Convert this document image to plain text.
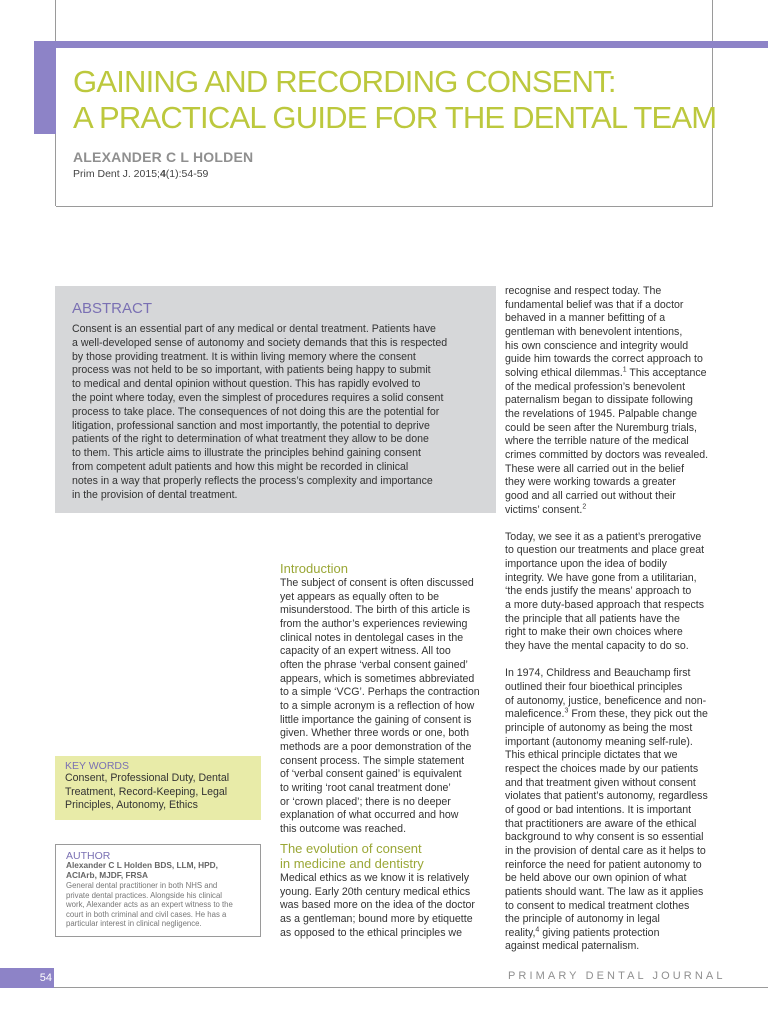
GAINING AND RECORDING CONSENT:
A PRACTICAL GUIDE FOR THE DENTAL TEAM
ALEXANDER C L HOLDEN
Prim Dent J. 2015;4(1):54-59
ABSTRACT
Consent is an essential part of any medical or dental treatment. Patients have
a well-developed sense of autonomy and society demands that this is respected
by those providing treatment. It is within living memory where the consent
process was not held to be so important, with patients being happy to submit
to medical and dental opinion without question. This has rapidly evolved to
the point where today, even the simplest of procedures requires a solid consent
process to take place. The consequences of not doing this are the potential for
litigation, professional sanction and most importantly, the potential to deprive
patients of the right to determination of what treatment they allow to be done
to them. This article aims to illustrate the principles behind gaining consent
from competent adult patients and how this might be recorded in clinical
notes in a way that properly reflects the process’s complexity and importance
in the provision of dental treatment.
KEY WORDS
Consent, Professional Duty, Dental
Treatment, Record-Keeping, Legal
Principles, Autonomy, Ethics
AUTHOR
Alexander C L Holden BDS, LLM, HPD,
ACIArb, MJDF, FRSA
General dental practitioner in both NHS and
private dental practices. Alongside his clinical
work, Alexander acts as an expert witness to the
court in both criminal and civil cases. He has a
particular interest in clinical negligence.
Introduction
The subject of consent is often discussed
yet appears as equally often to be
misunderstood. The birth of this article is
from the author’s experiences reviewing
clinical notes in dentolegal cases in the
capacity of an expert witness. All too
often the phrase ‘verbal consent gained’
appears, which is sometimes abbreviated
to a simple ‘VCG’. Perhaps the contraction
to a simple acronym is a reflection of how
little importance the gaining of consent is
given. Whether three words or one, both
methods are a poor demonstration of the
consent process. The simple statement
of ‘verbal consent gained’ is equivalent
to writing ‘root canal treatment done’
or ‘crown placed’; there is no deeper
explanation of what occurred and how
this outcome was reached.
The evolution of consent
in medicine and dentistry
Medical ethics as we know it is relatively
young. Early 20th century medical ethics
was based more on the idea of the doctor
as a gentleman; bound more by etiquette
as opposed to the ethical principles we
recognise and respect today. The
fundamental belief was that if a doctor
behaved in a manner befitting of a
gentleman with benevolent intentions,
his own conscience and integrity would
guide him towards the correct approach to
solving ethical dilemmas.$^1$ This acceptance
of the medical profession’s benevolent
paternalism began to dissipate following
the revelations of 1945. Palpable change
could be seen after the Nuremburg trials,
where the terrible nature of the medical
crimes committed by doctors was revealed.
These were all carried out in the belief
they were working towards a greater
good and all carried out without their
victims’ consent.$^2$
Today, we see it as a patient’s prerogative
to question our treatments and place great
importance upon the idea of bodily
integrity. We have gone from a utilitarian,
‘the ends justify the means’ approach to
a more duty-based approach that respects
the principle that all patients have the
right to make their own choices where
they have the mental capacity to do so.
In 1974, Childress and Beauchamp first
outlined their four bioethical principles
of autonomy, justice, beneficence and non-
maleficence.$^3$ From these, they pick out the
principle of autonomy as being the most
important (autonomy meaning self-rule).
This ethical principle dictates that we
respect the choices made by our patients
and that treatment given without consent
violates that patient’s autonomy, regardless
of good or bad intentions. It is important
that practitioners are aware of the ethical
background to why consent is so essential
in the provision of dental care as it helps to
reinforce the need for patient autonomy to
be held above our own opinion of what
patients should want. The law as it applies
to consent to medical treatment clothes
the principle of autonomy in legal
reality,$^4$ giving patients protection
against medical paternalism.
54	PRIMARY DENTAL JOURNAL
